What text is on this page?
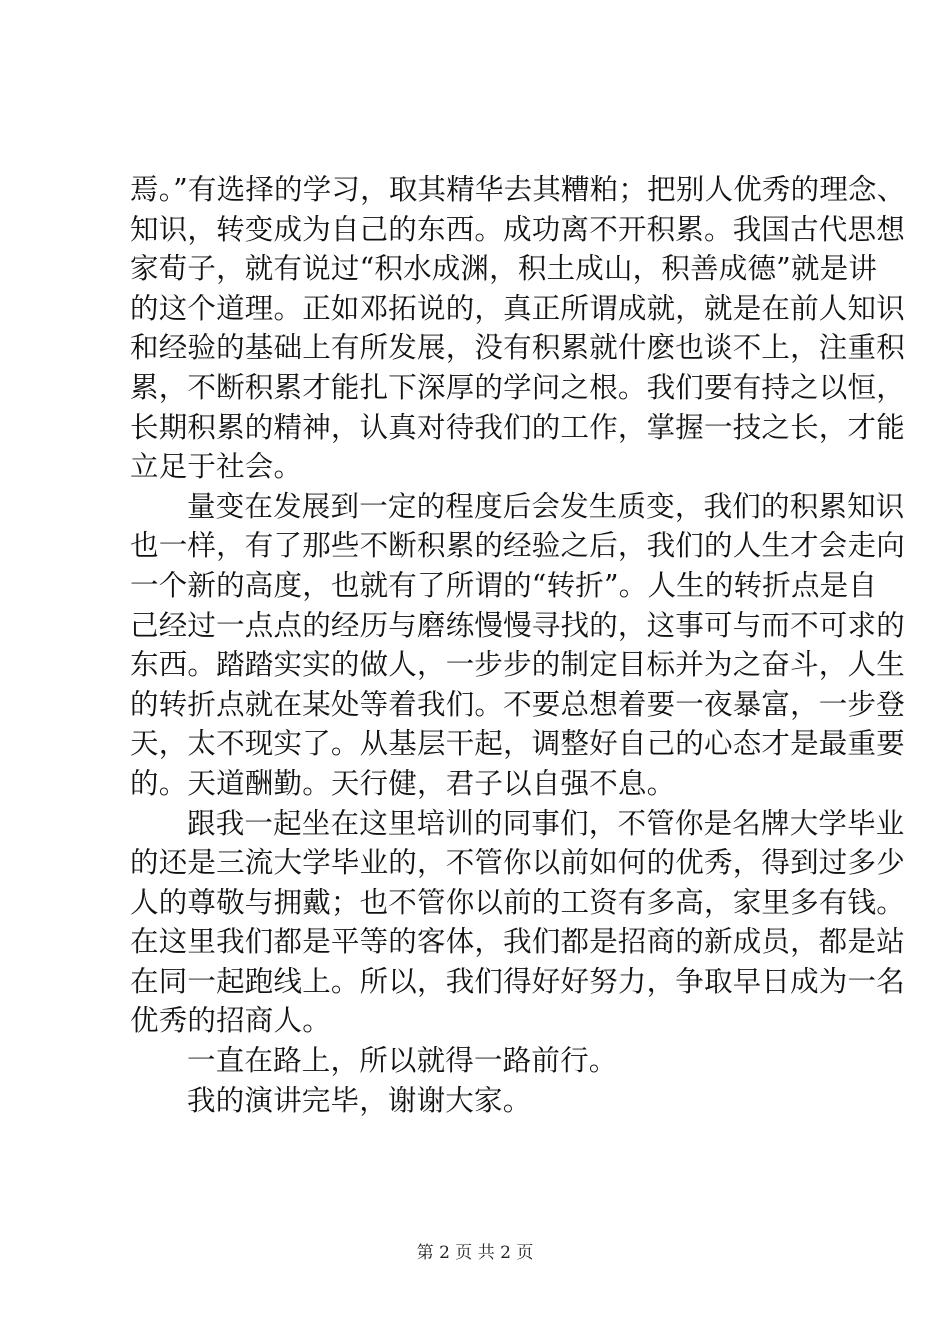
焉。”有选择的学习，取其精华去其糟粕；把别人优秀的理念、
知识，转变成为自己的东西。成功离不开积累。我国古代思想
家荀子，就有说过“积水成渊，积土成山，积善成德”就是讲
的这个道理。正如邓拓说的，真正所谓成就，就是在前人知识
和经验的基础上有所发展，没有积累就什麽也谈不上，注重积
累，不断积累才能扎下深厚的学问之根。我们要有持之以恒，
长期积累的精神，认真对待我们的工作，掌握一技之长，才能
立足于社会。
量变在发展到一定的程度后会发生质变，我们的积累知识
也一样，有了那些不断积累的经验之后，我们的人生才会走向
一个新的高度，也就有了所谓的“转折”。人生的转折点是自
己经过一点点的经历与磨练慢慢寻找的，这事可与而不可求的
东西。踏踏实实的做人，一步步的制定目标并为之奋斗，人生
的转折点就在某处等着我们。不要总想着要一夜暴富，一步登
天，太不现实了。从基层干起，调整好自己的心态才是最重要
的。天道酬勤。天行健，君子以自强不息。
跟我一起坐在这里培训的同事们，不管你是名牌大学毕业
的还是三流大学毕业的，不管你以前如何的优秀，得到过多少
人的尊敬与拥戴；也不管你以前的工资有多高，家里多有钱。
在这里我们都是平等的客体，我们都是招商的新成员，都是站
在同一起跑线上。所以，我们得好好努力，争取早日成为一名
优秀的招商人。
一直在路上，所以就得一路前行。
我的演讲完毕，谢谢大家。
第 2 页 共 2 页
